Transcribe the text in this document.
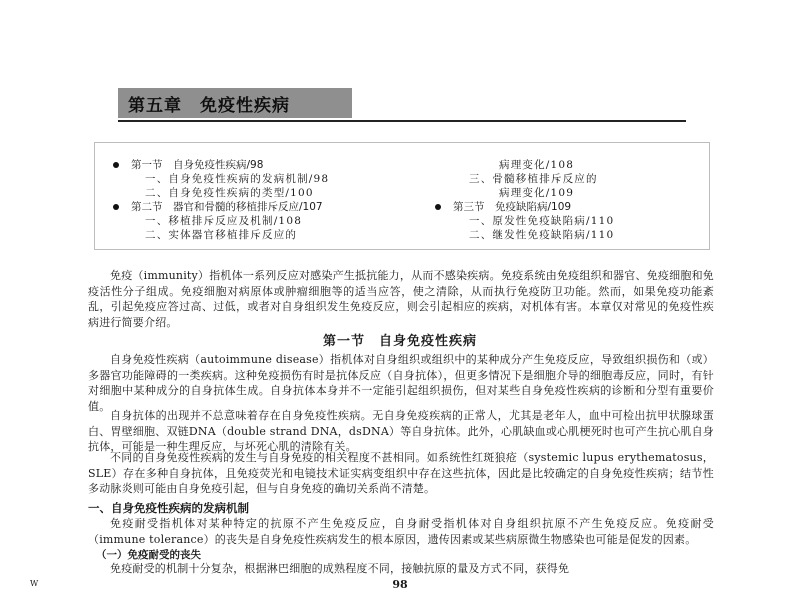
第五章　免疫性疾病
第一节　自身免疫性疾病/98
一、自身免疫性疾病的发病机制/98
二、自身免疫性疾病的类型/100
第二节　器官和骨髓的移植排斥反应/107
一、移植排斥反应及机制/108
二、实体器官移植排斥反应的
病理变化/108
三、骨髓移植排斥反应的
病理变化/109
第三节　免疫缺陷病/109
一、原发性免疫缺陷病/110
二、继发性免疫缺陷病/110
免疫（immunity）指机体一系列反应对感染产生抵抗能力，从而不感染疾病。免疫系统由免疫组织和器官、免疫细胞和免疫活性分子组成。免疫细胞对病原体或肿瘤细胞等的适当应答，使之清除，从而执行免疫防卫功能。然而，如果免疫功能紊乱，引起免疫应答过高、过低，或者对自身组织发生免疫反应，则会引起相应的疾病，对机体有害。本章仅对常见的免疫性疾病进行简要介绍。
第一节　自身免疫性疾病
自身免疫性疾病（autoimmune disease）指机体对自身组织或组织中的某种成分产生免疫反应，导致组织损伤和（或）多器官功能障碍的一类疾病。这种免疫损伤有时是抗体反应（自身抗体），但更多情况下是细胞介导的细胞毒反应，同时，有针对细胞中某种成分的自身抗体生成。自身抗体本身并不一定能引起组织损伤，但对某些自身免疫性疾病的诊断和分型有重要价值。
自身抗体的出现并不总意味着存在自身免疫性疾病。无自身免疫疾病的正常人，尤其是老年人，血中可检出抗甲状腺球蛋白、胃壁细胞、双链DNA（double strand DNA，dsDNA）等自身抗体。此外，心肌缺血或心肌梗死时也可产生抗心肌自身抗体，可能是一种生理反应，与坏死心肌的清除有关。
不同的自身免疫性疾病的发生与自身免疫的相关程度不甚相同。如系统性红斑狼疮（systemic lupus erythematosus，SLE）存在多种自身抗体，且免疫荧光和电镜技术证实病变组织中存在这些抗体，因此是比较确定的自身免疫性疾病；结节性多动脉炎则可能由自身免疫引起，但与自身免疫的确切关系尚不清楚。
一、自身免疫性疾病的发病机制
免疫耐受指机体对某种特定的抗原不产生免疫反应，自身耐受指机体对自身组织抗原不产生免疫反应。免疫耐受（immune tolerance）的丧失是自身免疫性疾病发生的根本原因，遗传因素或某些病原微生物感染也可能是促发的因素。
（一）免疫耐受的丧失
免疫耐受的机制十分复杂，根据淋巴细胞的成熟程度不同，接触抗原的量及方式不同，获得免
98
W
